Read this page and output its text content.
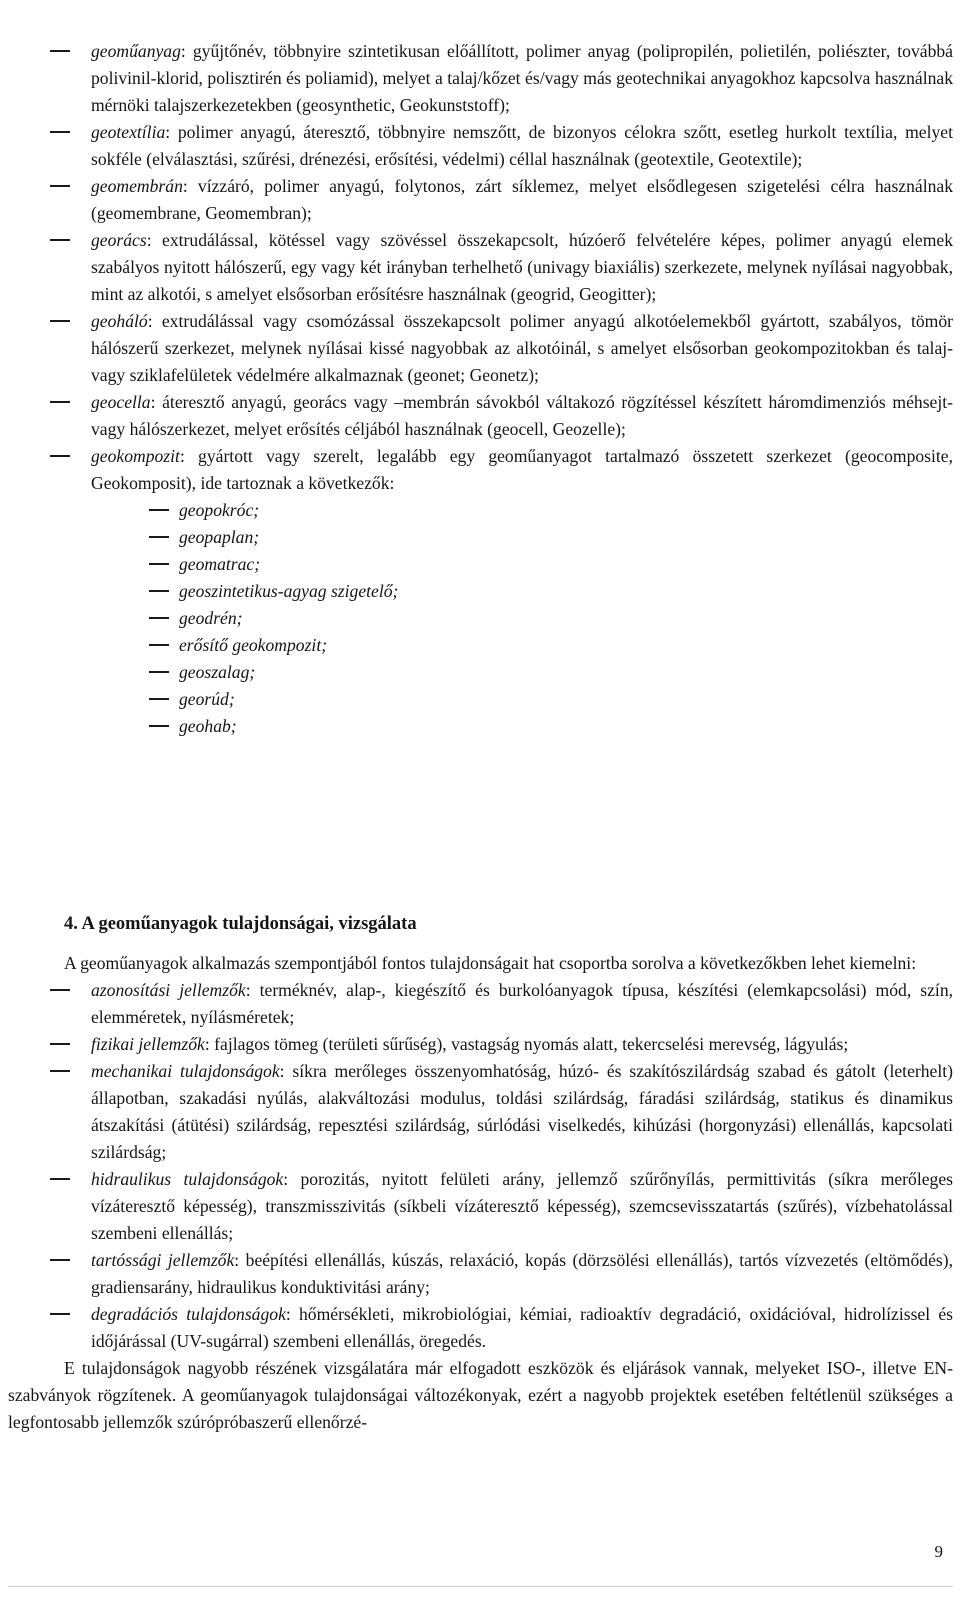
geoműanyag: gyűjtőnév, többnyire szintetikusan előállított, polimer anyag (polipropilén, polietilén, poliészter, továbbá polivinil-klorid, polisztirén és poliamid), melyet a talaj/kőzet és/vagy más geotechnikai anyagokhoz kapcsolva használnak mérnöki talajszerkezetekben (geosynthetic, Geokunststoff);
geotextília: polimer anyagú, áteresztő, többnyire nemszőtt, de bizonyos célokra szőtt, esetleg hurkolt textília, melyet sokféle (elválasztási, szűrési, drénezési, erősítési, védelmi) céllal használnak (geotextile, Geotextile);
geomembrán: vízzáró, polimer anyagú, folytonos, zárt síklemez, melyet elsődlegesen szigetelési célra használnak (geomembrane, Geomembran);
georács: extrudálással, kötéssel vagy szövéssel összekapcsolt, húzóerő felvételére képes, polimer anyagú elemek szabályos nyitott hálószerű, egy vagy két irányban terhelhető (univagy biaxiális) szerkezete, melynek nyílásai nagyobbak, mint az alkotói, s amelyet elsősorban erősítésre használnak (geogrid, Geogitter);
geoháló: extrudálással vagy csomózással összekapcsolt polimer anyagú alkotóelemekből gyártott, szabályos, tömör hálószerű szerkezet, melynek nyílásai kissé nagyobbak az alkotóinál, s amelyet elsősorban geokompozitokban és talaj- vagy sziklafelületek védelmére alkalmaznak (geonet; Geonetz);
geocella: áteresztő anyagú, georács vagy –membrán sávokból váltakozó rögzítéssel készített háromdimenziós méhsejt- vagy hálószerkezet, melyet erősítés céljából használnak (geocell, Geozelle);
geokompozit: gyártott vagy szerelt, legalább egy geoműanyagot tartalmazó összetett szerkezet (geocomposite, Geokomposit), ide tartoznak a következők:
geopokróc;
geopaplan;
geomatrac;
geoszintetikus-agyag szigetelő;
geodrén;
erősítő geokompozit;
geoszalag;
georúd;
geohab;
4. A geoműanyagok tulajdonságai, vizsgálata
A geoműanyagok alkalmazás szempontjából fontos tulajdonságait hat csoportba sorolva a következőkben lehet kiemelni:
azonosítási jellemzők: terméknév, alap-, kiegészítő és burkolóanyagok típusa, készítési (elemkapcsolási) mód, szín, elemméretek, nyílásméretek;
fizikai jellemzők: fajlagos tömeg (területi sűrűség), vastagság nyomás alatt, tekercselési merevség, lágyulás;
mechanikai tulajdonságok: síkra merőleges összenyomhatóság, húzó- és szakítószilárdság szabad és gátolt (leterhelt) állapotban, szakadási nyúlás, alakváltozási modulus, toldási szilárdság, fáradási szilárdság, statikus és dinamikus átszakítási (átütési) szilárdság, repesztési szilárdság, súrlódási viselkedés, kihúzási (horgonyzási) ellenállás, kapcsolati szilárdság;
hidraulikus tulajdonságok: porozitás, nyitott felületi arány, jellemző szűrőnyílás, permittivitás (síkra merőleges vízáteresztő képesség), transzmisszivitás (síkbeli vízáteresztő képesség), szemcsevisszatartás (szűrés), vízbehatolással szembeni ellenállás;
tartóssági jellemzők: beépítési ellenállás, kúszás, relaxáció, kopás (dörzsölési ellenállás), tartós vízvezetés (eltömődés), gradiensarány, hidraulikus konduktivitási arány;
degradációs tulajdonságok: hőmérsékleti, mikrobiológiai, kémiai, radioaktív degradáció, oxidációval, hidrolízissel és időjárással (UV-sugárral) szembeni ellenállás, öregedés.
E tulajdonságok nagyobb részének vizsgálatára már elfogadott eszközök és eljárások vannak, melyeket ISO-, illetve EN-szabványok rögzítenek. A geoműanyagok tulajdonságai változékonyak, ezért a nagyobb projektek esetében feltétlenül szükséges a legfontosabb jellemzők szúrópróbaszerű ellenőrzé-
9
